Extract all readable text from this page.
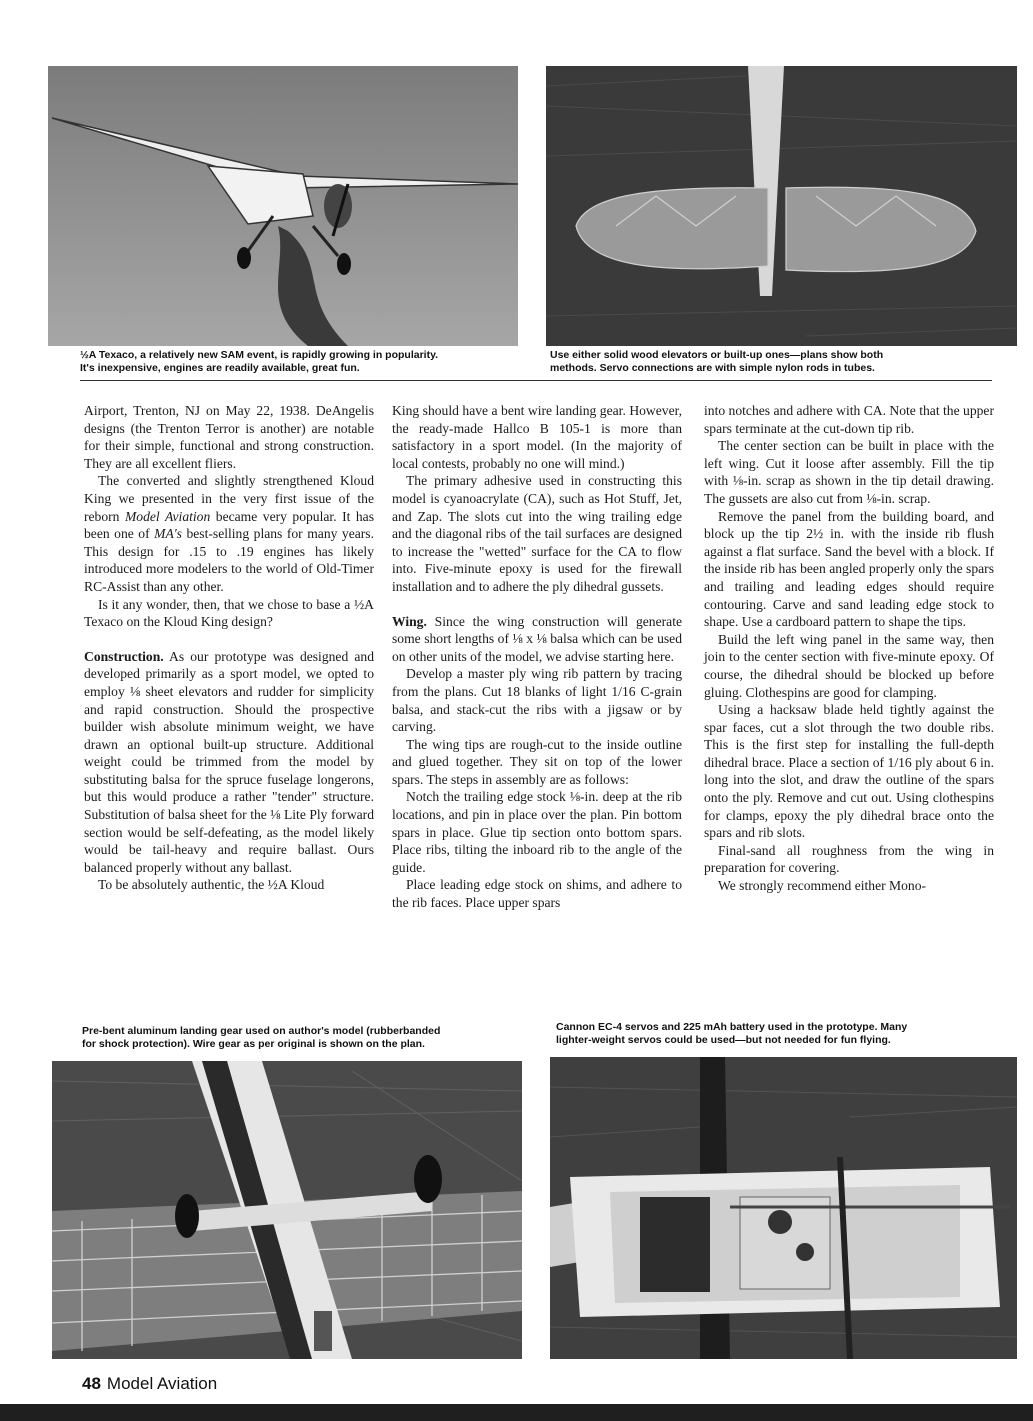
½A Texaco, a relatively new SAM event, is rapidly growing in popularity.
It's inexpensive, engines are readily available, great fun.
Use either solid wood elevators or built-up ones—plans show both
methods. Servo connections are with simple nylon rods in tubes.

Airport, Trenton, NJ on May 22, 1938. DeAngelis designs (the Trenton Terror is another) are notable for their simple, functional and strong construction. They are all excellent fliers.

The converted and slightly strengthened Kloud King we presented in the very first issue of the reborn Model Aviation became very popular. It has been one of MA's best-selling plans for many years. This design for .15 to .19 engines has likely introduced more modelers to the world of Old-Timer RC-Assist than any other.

Is it any wonder, then, that we chose to base a ½A Texaco on the Kloud King design?

Construction. As our prototype was designed and developed primarily as a sport model, we opted to employ ⅛ sheet elevators and rudder for simplicity and rapid construction. Should the prospective builder wish absolute minimum weight, we have drawn an optional built-up structure. Additional weight could be trimmed from the model by substituting balsa for the spruce fuselage longerons, but this would produce a rather "tender" structure. Substitution of balsa sheet for the ⅛ Lite Ply forward section would be self-defeating, as the model likely would be tail-heavy and require ballast. Ours balanced properly without any ballast.

To be absolutely authentic, the ½A Kloud

King should have a bent wire landing gear. However, the ready-made Hallco B 105-1 is more than satisfactory in a sport model. (In the majority of local contests, probably no one will mind.)

The primary adhesive used in constructing this model is cyanoacrylate (CA), such as Hot Stuff, Jet, and Zap. The slots cut into the wing trailing edge and the diagonal ribs of the tail surfaces are designed to increase the "wetted" surface for the CA to flow into. Five-minute epoxy is used for the firewall installation and to adhere the ply dihedral gussets.

Wing. Since the wing construction will generate some short lengths of ⅛ x ⅛ balsa which can be used on other units of the model, we advise starting here.

Develop a master ply wing rib pattern by tracing from the plans. Cut 18 blanks of light 1/16 C-grain balsa, and stack-cut the ribs with a jigsaw or by carving.

The wing tips are rough-cut to the inside outline and glued together. They sit on top of the lower spars. The steps in assembly are as follows:

Notch the trailing edge stock ⅛-in. deep at the rib locations, and pin in place over the plan. Pin bottom spars in place. Glue tip section onto bottom spars. Place ribs, tilting the inboard rib to the angle of the guide.

Place leading edge stock on shims, and adhere to the rib faces. Place upper spars

into notches and adhere with CA. Note that the upper spars terminate at the cut-down tip rib.

The center section can be built in place with the left wing. Cut it loose after assembly. Fill the tip with ⅛-in. scrap as shown in the tip detail drawing. The gussets are also cut from ⅛-in. scrap.

Remove the panel from the building board, and block up the tip 2½ in. with the inside rib flush against a flat surface. Sand the bevel with a block. If the inside rib has been angled properly only the spars and trailing and leading edges should require contouring. Carve and sand leading edge stock to shape. Use a cardboard pattern to shape the tips.

Build the left wing panel in the same way, then join to the center section with five-minute epoxy. Of course, the dihedral should be blocked up before gluing. Clothespins are good for clamping.

Using a hacksaw blade held tightly against the spar faces, cut a slot through the two double ribs. This is the first step for installing the full-depth dihedral brace. Place a section of 1/16 ply about 6 in. long into the slot, and draw the outline of the spars onto the ply. Remove and cut out. Using clothespins for clamps, epoxy the ply dihedral brace onto the spars and rib slots.

Final-sand all roughness from the wing in preparation for covering.

We strongly recommend either Mono-

Pre-bent aluminum landing gear used on author's model (rubberbanded
for shock protection). Wire gear as per original is shown on the plan.
Cannon EC-4 servos and 225 mAh battery used in the prototype. Many
lighter-weight servos could be used—but not needed for fun flying.
48 Model Aviation
